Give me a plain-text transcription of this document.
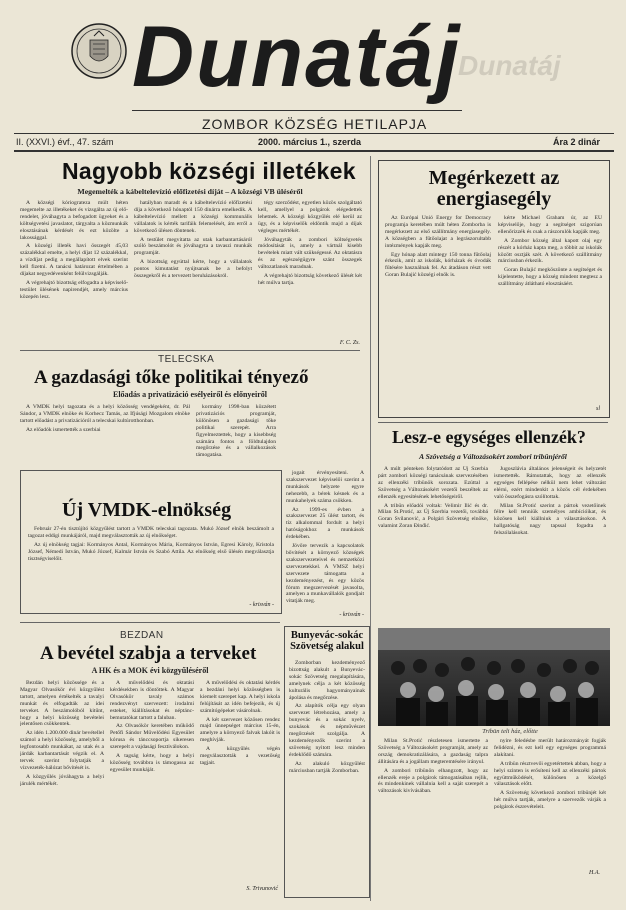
Dunatáj
Dunatáj
ZOMBOR KÖZSÉG HETILAPJA
II. (XXVI.) évf., 47. szám	2000. március 1., szerda	Ára 2 dinár
Nagyobb községi illetékek
Megemelték a kábeltelevízió előfizetési díját – A községi VB üléséről

A községi kóriograteza múlt héten megemelte az illetékeket és vizsgálta az új elő-rendelet, jóváhagyta a befogadott ügyeket és a költségvetési javaslatot, tárgyalta a közmunkák elosztásának kérdését és ezt közölte a lakossággal.

A községi illeték havi összegét 45,03 százalékkal emelte, a helyi díjat 12 százalékkal, a vízdíjat pedig a megállapított elvek szerint kell fizetni. A tanácsi határozat értelmében a díjakat negyedévenként felülvizsgálják.

A végrehajtó bizottság elfogadta a képviselő-testület ülésének napirendjét, amely március közepén lesz.

hatályban maradt és a kábeltelevízió előfizetési díja a következő hónaptól 150 dinárra emelkedik. A kábeltelevízió mellett a községi kommunális vállalatok is kérték tarifáik felemelését, ám erről a következő ülésen döntenek.

A testület megvitatta az utak karbantartásáról szóló beszámolót és jóváhagyta a tavaszi munkák programját.

A bizottság egyúttal kérte, hogy a vállalatok pontos kimutatást nyújtsanak be a befolyt összegekről és a tervezett beruházásokról.

tégy szerződést, egyetlen közös szolgáltató kell, amellyel a polgárok elégedettek lehetnek. A községi közgyűlés elé kerül az ügy, és a képviselők eldöntik majd a díjak végleges mértékét.

Jóváhagyták a zombori költségvetés módosítását is, amely a vártnál kisebb bevételek miatt vált szükségessé. Az oktatásra és az egészségügyre szánt összegek változatlanok maradnak.

A végrehajtó bizottság következő ülését két hét múlva tartja.

F. C. Zs.
Megérkezett az energiasegély

Az Európai Unió Energy for Democracy programja keretében múlt héten Zomborba is megérkezett az első szállítmány energiasegély. A községben a fűtőolajat a legrászorultabb intézmények kapják meg.

Egy hónap alatt mintegy 150 tonna fűtőolaj érkezik, amit az iskolák, kórházak és óvodák fűtésére használnak fel. Az átadáson részt vett Goran Bulajić községi elnök is.

kérte Michael Graham úr, az EU képviselője, hogy a segítséget szigorúan ellenőrizzék és csak a rászorulók kapják meg.

A Zombor község által kapott olaj egy részét a kórház kapta meg, a többit az iskolák között osztják szét. A következő szállítmány márciusban érkezik.

Goran Bulajić megköszönte a segítséget és kijelentette, hogy a község mindent megtesz a szállítmány átlátható elosztásáért.

sl
TELECSKA
A gazdasági tőke politikai tényező
Előadás a privatizáció esélyeiről és előnyeiről

A VMDK helyi tagozata és a helyi közösség vendégeként, dr. Pál Sándor, a VMDK elnöke és Korhecz Tamás, az Ifjúsági Mozgalom elnöke tartott előadást a privatizációról a telecskai kultúrotthonban.

Az előadók ismertették a szerbiai

kormány 1998-ban közzétett privatizációs programját, különösen a gazdasági tőke politikai szerepét. Arra figyelmeztettek, hogy a kisebbség számára fontos a földtulajdon megőrzése és a vállalkozások támogatása.

Új VMDK-elnökség

Február 27-én tisztújító közgyűlést tartott a VMDK telecskai tagozata. Mukó József elnök beszámolt a tagozat eddigi munkájáról, majd megválasztották az új elnökséget.

Az új elnökség tagjai: Kormányos Antal, Kormányos Mária, Kormányos István, Egresi Károly, Kristola József, Némedi István, Mukó József, Kalmár István és Szabó Attila. Az elnökség első ülésén megválasztja tisztségviselőit.

- krisván -

jogait érvényesíteni. A szakszervezet képviselői szerint a munkások helyzete egyre nehezebb, a bérek késnek és a munkahelyek száma csökken.

Az 1999-es évben a szakszervezet 25 ülést tartott, és tíz alkalommal fordult a helyi hatóságokhoz a munkások érdekében.

Jövőre tervezik a kapcsolatok bővítését a környező községek szakszervezeteivel és nemzetközi szervezetekkel. A VMSZ helyi szervezete támogatta a kezdeményezést, és egy közös fórum megszervezését javasolta, amelyen a munkavállalók gondjait vitatják meg.

- krisván -
BEZDAN
A bevétel szabja a terveket
A HK és a MOK évi közgyűléséről

Bezdán helyi közössége és a Magyar Olvasókör évi közgyűlést tartott, amelyen értékelték a tavalyi munkát és elfogadták az idei terveket. A beszámolóból kitűnt, hogy a helyi közösség bevételei jelentősen csökkentek.

Az idén 1.200.000 dinár bevétellel számol a helyi közösség, amelyből a legfontosabb munkákat, az utak és a járdák karbantartását végzik el. A tervek szerint folytatják a vízvezeték-hálózat bővítését is.

A közgyűlés jóváhagyta a helyi járulék mértékét.

A művelődési és oktatási kérdésekben is döntöttek. A Magyar Olvasókör tavaly számos rendezvényt szervezett: irodalmi esteket, kiállításokat és néptánc-bemutatókat tartott a faluban.

Az Olvasókör keretében működő Petőfi Sándor Művelődési Egyesület kórusa és tánccsoportja sikeresen szerepelt a vajdasági fesztiválokon.

A tagság kérte, hogy a helyi közösség továbbra is támogassa az egyesület munkáját.

A művelődési és oktatási kérdés a bezdáni helyi közösségben is kiemelt szerepet kap. A helyi iskola felújítását az idén befejezik, és új számítógépeket vásárolnak.

A két szervezet közösen rendez majd ünnepséget március 15-én, amelyre a környező falvak lakóit is meghívják.

A közgyűlés végén megválasztották a vezetőség tagjait.

S. Trivunović
Bunyevác-sokác Szövetség alakul

Zomborban kezdeményező bizottság alakult a Bunyevác-sokác Szövetség megalapítására, amelynek célja a két közösség kulturális hagyományainak ápolása és megőrzése.

Az alapítók célja egy olyan szervezet létrehozása, amely a bunyevác és a sokác nyelv, szokások és népművészet megőrzését szolgálja. A kezdeményezők szerint a szövetség nyitott lesz minden érdeklődő számára.

Az alakuló közgyűlést márciusban tartják Zomborban.

Lesz-e egységes ellenzék?
A Szövetség a Változásokért zombori tribünjéről

A múlt pénteken folytatódott az Új Szerbia párt zombori községi tanácsának szervezésében az ellenzéki tribünök sorozata. Ezúttal a Szövetség a Változásokért vezetői beszéltek az ellenzék egyesítésének lehetőségeiről.

A tribün előadói voltak: Velimir Ilić és dr. Milan St.Protić, az Új Szerbia vezetői, továbbá Goran Svilanović, a Polgári Szövetség elnöke, valamint Zoran Đinđić.

Jugoszlávia általános jelenségeit és helyzetét ismertették. Rámutattak, hogy az ellenzék egységes fellépése nélkül nem lehet változást elérni, ezért mindenkit a közös cél érdekében való összefogásra szólítottak.

Milan St.Protić szerint a pártok vezetőinek félre kell tenniük személyes ambícióikat, és közösen kell kiállniuk a választásokon. A hallgatóság nagy tapssal fogadta a felszólalásokat.

Tribün teli ház, előtte

Milan St.Protić részletesen ismertette a Szövetség a Változásokért programját, amely az ország demokratizálására, a gazdaság talpra állítására és a jogállam megteremtésére irányul.

A zombori tribünön elhangzott, hogy az ellenzék ereje a polgárok támogatásában rejlik, és mindenkinek vállalnia kell a saját szerepét a változások kivívásában.

nyire feledésbe merült határozmányát fogják felidézni, és ezt kell egy egységes programmá alakítani.

A tribün résztvevői egyetértettek abban, hogy a helyi szinten is erősíteni kell az ellenzéki pártok együttműködését, különösen a közelgő választások előtt.

A Szövetség következő zombori tribünjét két hét múlva tartják, amelyre a szervezők várják a polgárok észrevételeit.

H.A.
